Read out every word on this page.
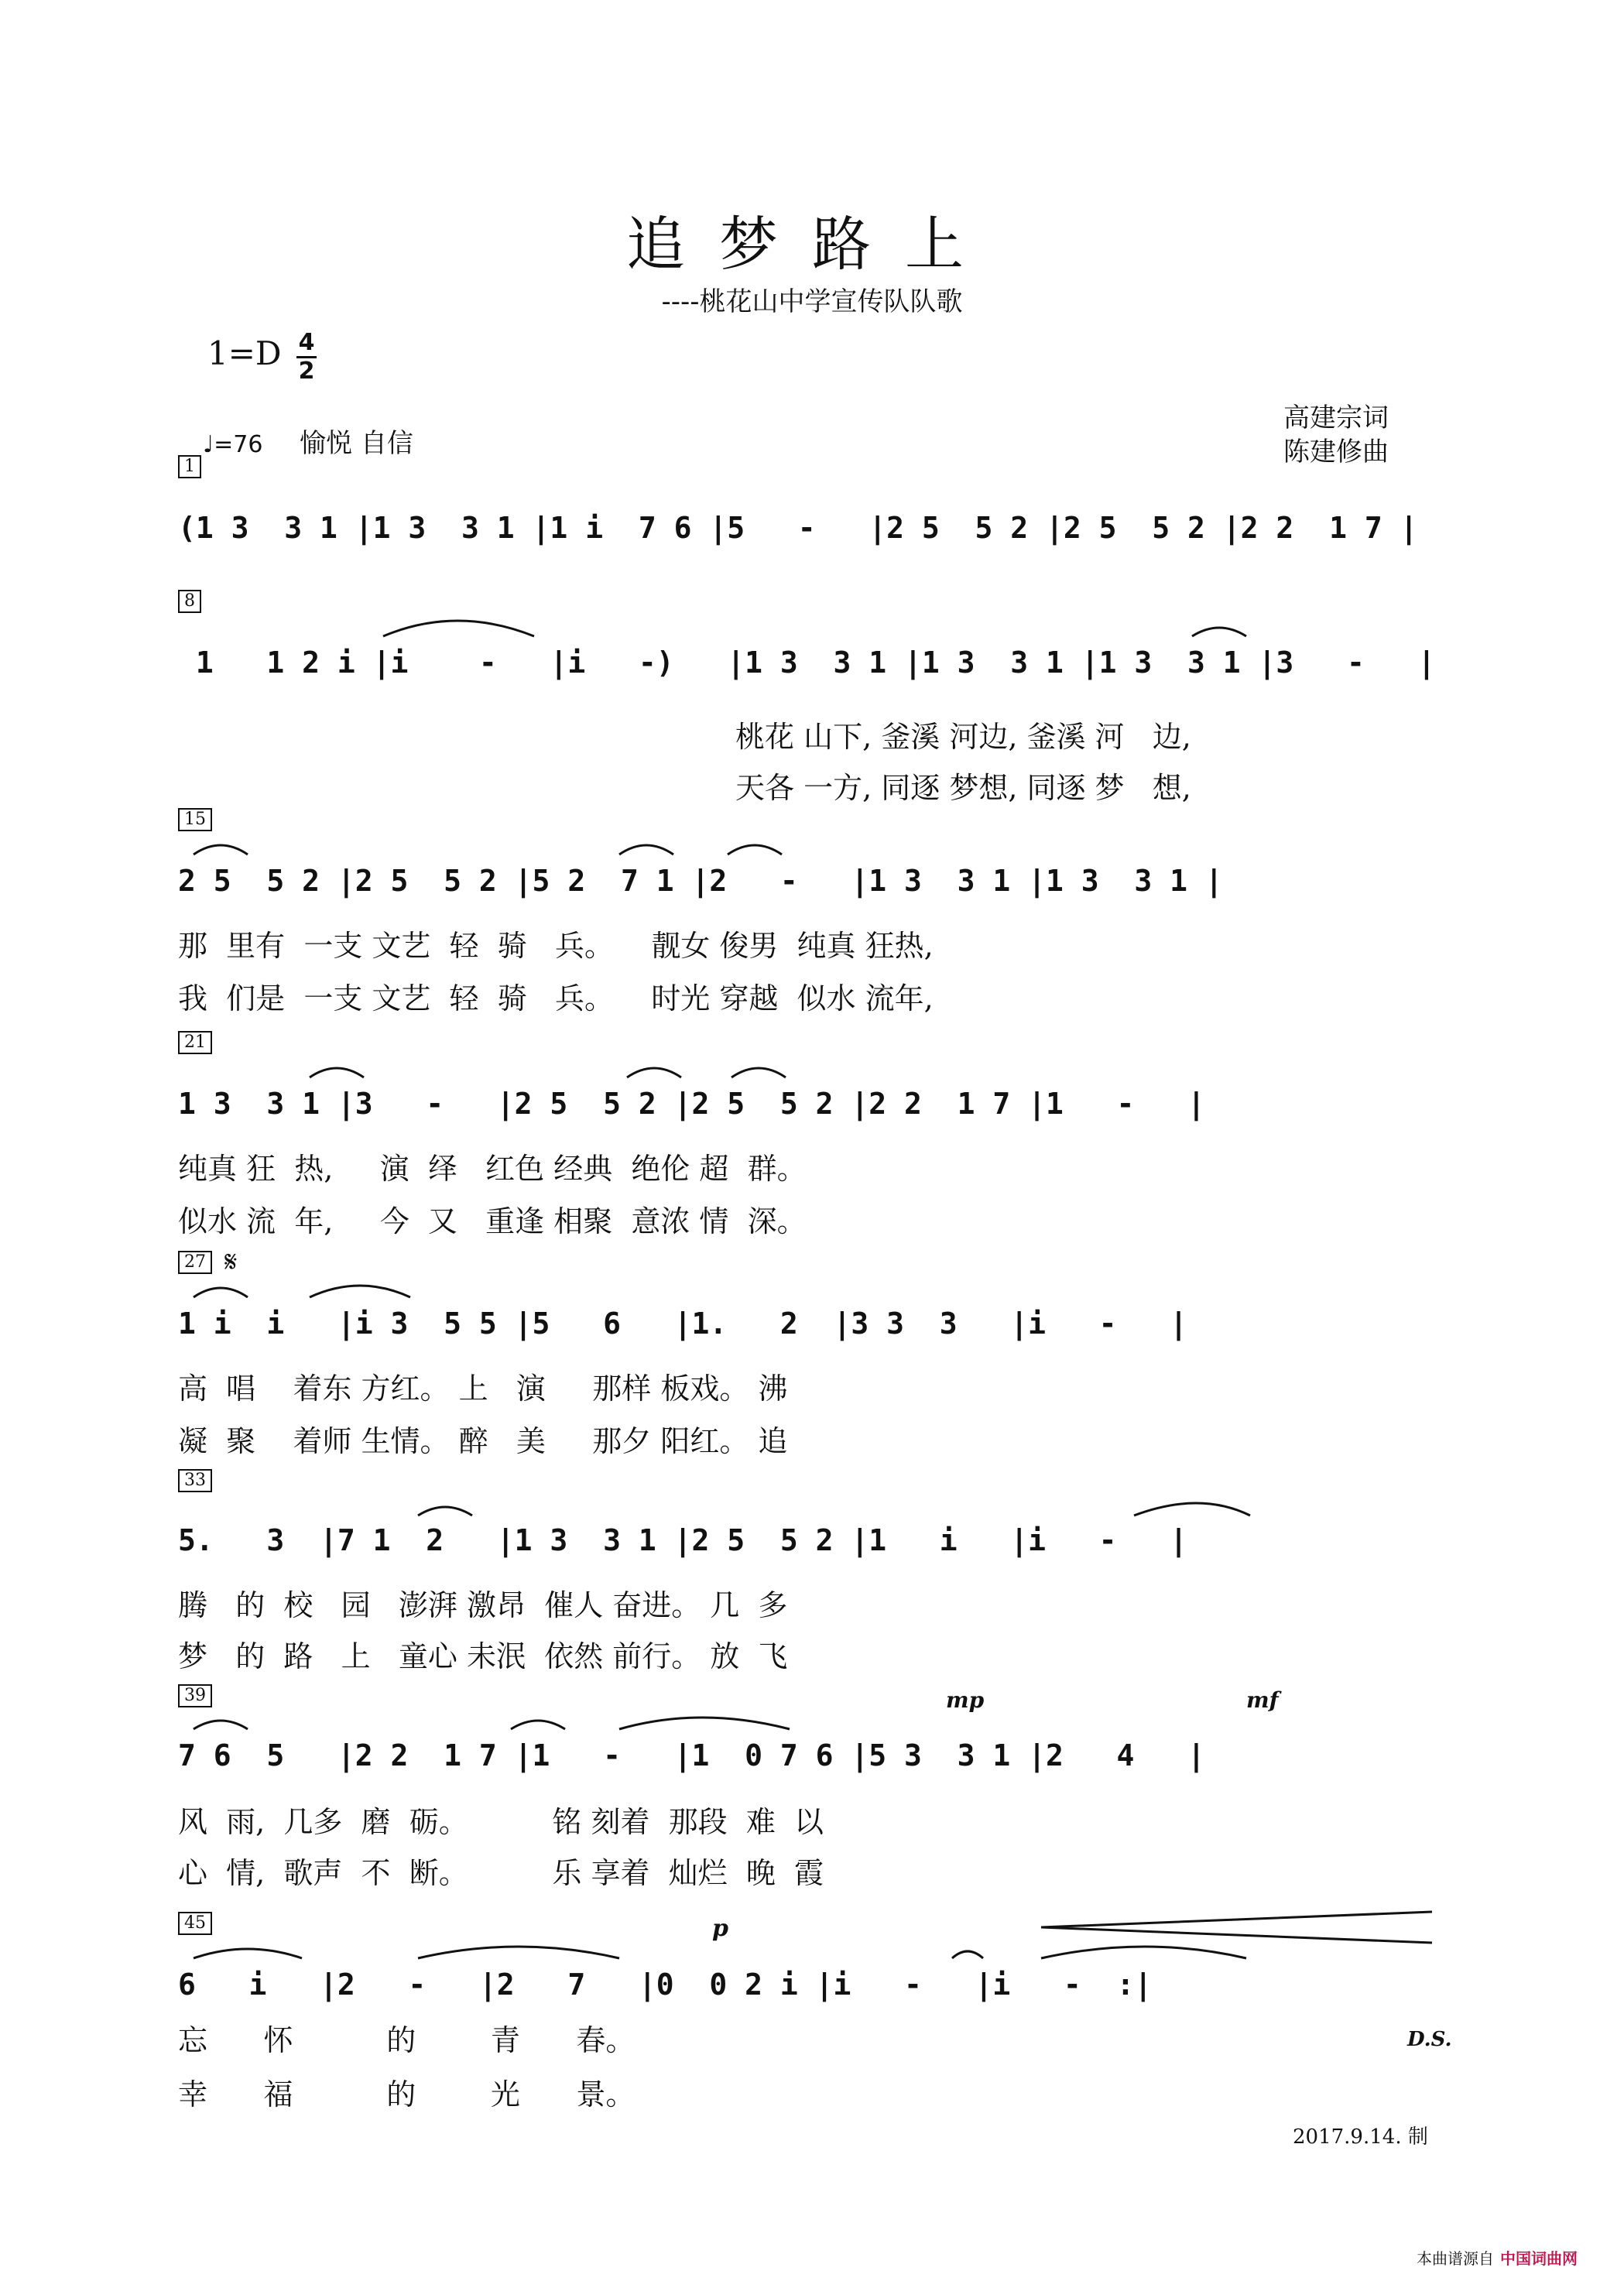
追梦路上
----桃花山中学宣传队队歌
1=D 4
2
♩=76 愉悦 自信
高建宗词
陈建修曲
1
(1 3  3 1 |1 3  3 1 |1 i  7 6 |5   -   |2 5  5 2 |2 5  5 2 |2 2  1 7 |
8
1   1 2 i |i    -   |i   -)   |1 3  3 1 |1 3  3 1 |1 3  3 1 |3   -   |
桃花 山下, 釜溪 河边, 釜溪 河   边,
天各 一方, 同逐 梦想, 同逐 梦   想,
15
2 5  5 2 |2 5  5 2 |5 2  7 1 |2   -   |1 3  3 1 |1 3  3 1 |
那  里有  一支 文艺  轻  骑   兵。    靓女 俊男  纯真 狂热,
我  们是  一支 文艺  轻  骑   兵。    时光 穿越  似水 流年,
21
1 3  3 1 |3   -   |2 5  5 2 |2 5  5 2 |2 2  1 7 |1   -   |
纯真 狂  热,     演  绎   红色 经典  绝伦 超  群。
似水 流  年,     今  又   重逢 相聚  意浓 情  深。
27 𝄋
1 i  i   |i 3  5 5 |5   6   |1.   2  |3 3  3   |i   -   |
高  唱    着东 方红。 上   演     那样 板戏。 沸
凝  聚    着师 生情。 醉   美     那夕 阳红。 追
33
5.   3  |7 1  2   |1 3  3 1 |2 5  5 2 |1   i   |i   -   |
腾   的  校   园   澎湃 激昂  催人 奋进。 几  多
梦   的  路   上   童心 未泯  依然 前行。 放  飞
39	mp	mf
7 6  5   |2 2  1 7 |1   -   |1  0 7 6 |5 3  3 1 |2   4   |
风  雨,  几多  磨  砺。         铭 刻着  那段  难  以
心  情,  歌声  不  断。         乐 享着  灿烂  晚  霞
45	p
6   i   |2   -   |2   7   |0  0 2 i |i   -   |i   -  :|
忘      怀          的        青      春。
幸      福          的        光      景。
D.S.
2017.9.14. 制
本曲谱源自 中国词曲网
